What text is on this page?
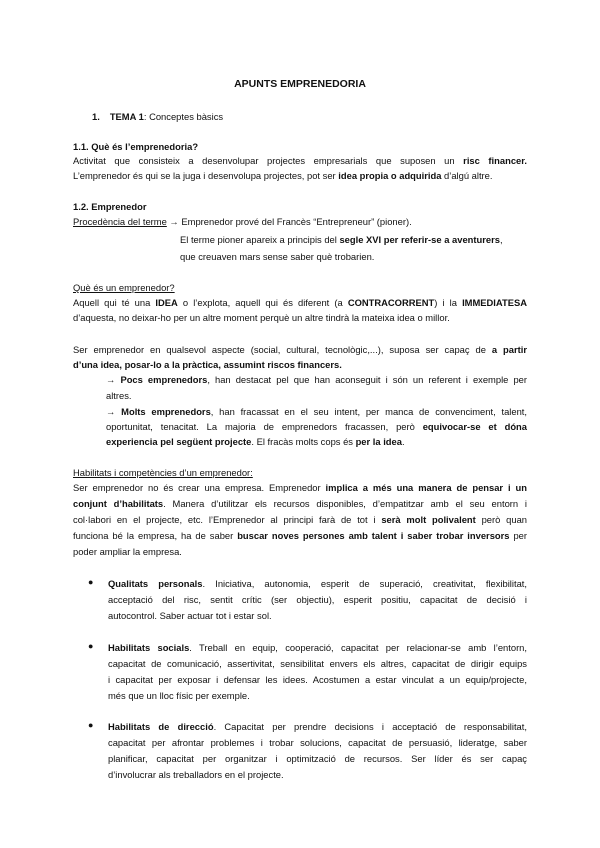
APUNTS EMPRENEDORIA
1. TEMA 1: Conceptes bàsics
1.1. Què és l’emprenedoria?
Activitat que consisteix a desenvolupar projectes empresarials que suposen un risc financer.
L’emprenedor és qui se la juga i desenvolupa projectes, pot ser idea propia o adquirida d’algú altre.
1.2. Emprenedor
Procedència del terme → Emprenedor prové del Francès “Entrepreneur” (pioner).
El terme pioner apareix a principis del segle XVI per referir-se a aventurers,
que creuaven mars sense saber què trobarien.
Què és un emprenedor?
Aquell qui té una IDEA o l’explota, aquell qui és diferent (a CONTRACORRENT) i la IMMEDIATESA
d’aquesta, no deixar-ho per un altre moment perquè un altre tindrà la mateixa idea o millor.
Ser emprenedor en qualsevol aspecte (social, cultural, tecnològic,...), suposa ser capaç de a partir
d’una idea, posar-lo a la pràctica, assumint riscos financers.
→ Pocs emprenedors, han destacat pel que han aconseguit i són un referent i exemple per
altres.
→ Molts emprenedors, han fracassat en el seu intent, per manca de convenciment, talent,
oportunitat, tenacitat. La majoria de emprenedors fracassen, però equivocar-se et dóna
experiencia pel següent projecte. El fracàs molts cops és per la idea.
Habilitats i competències d’un emprenedor:
Ser emprenedor no és crear una empresa. Emprenedor implica a més una manera de pensar i un
conjunt d’habilitats. Manera d’utilitzar els recursos disponibles, d’empatitzar amb el seu entorn i
col·labori en el projecte, etc. l’Emprenedor al principi farà de tot i serà molt polivalent però quan
funciona bé la empresa, ha de saber buscar noves persones amb talent i saber trobar inversors per
poder ampliar la empresa.
● Qualitats personals. Iniciativa, autonomia, esperit de superació, creativitat, flexibilitat,
acceptació del risc, sentit crític (ser objectiu), esperit positiu, capacitat de decisió i
autocontrol. Saber actuar tot i estar sol.
● Habilitats socials. Treball en equip, cooperació, capacitat per relacionar-se amb l’entorn,
capacitat de comunicació, assertivitat, sensibilitat envers els altres, capacitat de dirigir equips
i capacitat per exposar i defensar les idees. Acostumen a estar vinculat a un equip/projecte,
més que un lloc físic per exemple.
● Habilitats de direcció. Capacitat per prendre decisions i acceptació de responsabilitat,
capacitat per afrontar problemes i trobar solucions, capacitat de persuasió, lideratge, saber
planificar, capacitat per organitzar i optimització de recursos. Ser líder és ser capaç
d’involucrar als treballadors en el projecte.
